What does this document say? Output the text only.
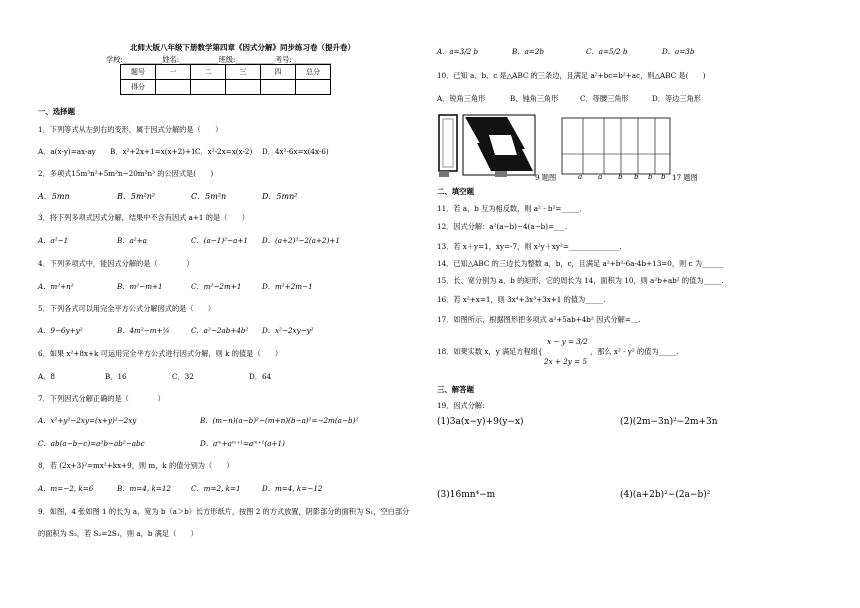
北师大版八年级下册数学第四章《因式分解》同步练习卷（提升卷）
学校:___________姓名:___________班级:___________考号:___________
题号	一	二	三	四	总分
得分					
一、选择题
1．下列等式从左到右的变形，属于因式分解的是（　　）
A．a(x-y)=ax-ay B．x²+2x+1=x(x+2)+1 C．x²-2x=x(x-2) D．4x²-6x=x(4x-6)
2．多项式15m³n²+5m²n−20m²n³ 的公因式是(　　)
A．5mn	B．5m²n²	C．5m²n	D．5mn²
3．将下列多项式因式分解，结果中不含有因式 a+1 的是（　　）
A．a²−1	B．a²+a	C．(a−1)²−a+1 D．(a+2)²−2(a+2)+1
4．下列多项式中，能因式分解的是（　　　　）
A．m²+n²	B．m²−m+1	C．m²−2m+1	D．m²+2m−1
5．下列各式可以用完全平方公式分解因式的是（　　）
A．9−6y+y²	B．4m²−m+¼	C．a²−2ab+4b² D．x²−2xy−y²
6．如果 x²+8x+k 可运用完全平方公式进行因式分解，则 k 的值是（　　）
A．8	B．16	C．32	D．64
7．下列因式分解正确的是（　　　　）
A．x²+y²−2xy=(x+y)²−2xy	B．(m−n)(a−b)²−(m+n)(b−a)²=−2m(a−b)²
C．ab(a−b−c)=a²b−ab²−abc	D．aᵐ+aᵐ⁺¹=aᵐ⁺¹(a+1)
8．若 (2x+3)²=mx²+kx+9，则 m，k 的值分别为（　　）
A．m=−2, k=6	B．m=4, k=12	C．m=2, k=1	D．m=4, k=−12
9．如图，4 张如图 1 的长为 a，宽为 b（a＞b）长方形纸片，按图 2 的方式放置，阴影部分的面积为 S₁，空白部分
的面积为 S₂，若 S₂=2S₁，则 a，b 满足（　　）
A．a=3/2 b	B．a=2b	C．a=5/2 b	D．a=3b
10．已知 a、b、c 是△ABC 的三条边，且满足 a²+bc=b²+ac，则△ABC 是(　　)
A．锐角三角形	B．钝角三角形	C．等腰三角形	D．等边三角形
9 题图	a a b b b b 17 题图
二、填空题
11．若 a，b 互为相反数，则 a² - b²=_____．
12．因式分解：a²(a−b)−4(a−b)=___.
13．若 x＋y=1，xy=-7，则 x²y＋xy²=______________.
14．已知△ABC 的三边长为整数 a，b，c，且满足 a²+b²-6a-4b+13=0，则 c 为______
15．长、宽分别为 a、b 的矩形，它的周长为 14，面积为 10，则 a²b+ab² 的值为_____.
16．若 x²+x=1，则 3x⁴+3x³+3x+1 的值为_____.
17．如图所示，根据图形把多项式 a²+5ab+4b² 因式分解=＿.
18．如果实数 x，y 满足方程组{
x − y = 3/2
2x + 2y = 5
，那么 x² - y² 的值为_____.
三、解答题
19．因式分解:
(1)3a(x−y)+9(y−x)	(2)(2m−3n)²−2m+3n
(3)16mn⁴−m	(4)(a+2b)²−(2a−b)²
